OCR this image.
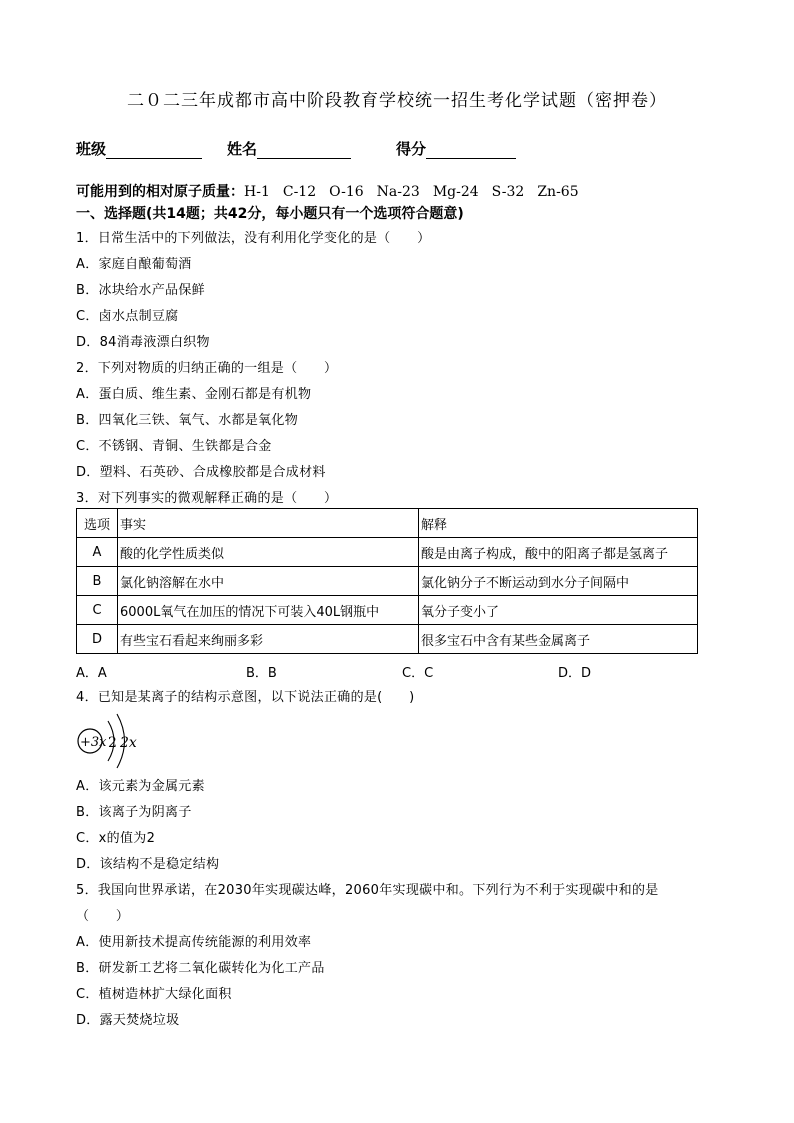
二０二三年成都市高中阶段教育学校统一招生考化学试题（密押卷）
班级	姓名	得分
可能用到的相对原子质量：H-1 C-12 O-16 Na-23 Mg-24 S-32 Zn-65
一、选择题(共14题；共42分，每小题只有一个选项符合题意)
1．日常生活中的下列做法，没有利用化学变化的是（　　）
A．家庭自酿葡萄酒
B．冰块给水产品保鲜
C．卤水点制豆腐
D．84消毒液漂白织物
2．下列对物质的归纳正确的一组是（　　）
A．蛋白质、维生素、金刚石都是有机物
B．四氧化三铁、氧气、水都是氧化物
C．不锈钢、青铜、生铁都是合金
D．塑料、石英砂、合成橡胶都是合成材料
3．对下列事实的微观解释正确的是（　　）
选项	事实	解释
A	酸的化学性质类似	酸是由离子构成，酸中的阳离子都是氢离子
B	氯化钠溶解在水中	氯化钠分子不断运动到水分子间隔中
C	6000L氧气在加压的情况下可装入40L钢瓶中	氧分子变小了
D	有些宝石看起来绚丽多彩	很多宝石中含有某些金属离子
A．A	B．B	C．C	D．D
4．已知是某离子的结构示意图，以下说法正确的是(　　)
+3x 2 2x
A．该元素为金属元素
B．该离子为阴离子
C．x的值为2
D．该结构不是稳定结构
5．我国向世界承诺，在2030年实现碳达峰，2060年实现碳中和。下列行为不利于实现碳中和的是
（　　）
A．使用新技术提高传统能源的利用效率
B．研发新工艺将二氧化碳转化为化工产品
C．植树造林扩大绿化面积
D．露天焚烧垃圾
